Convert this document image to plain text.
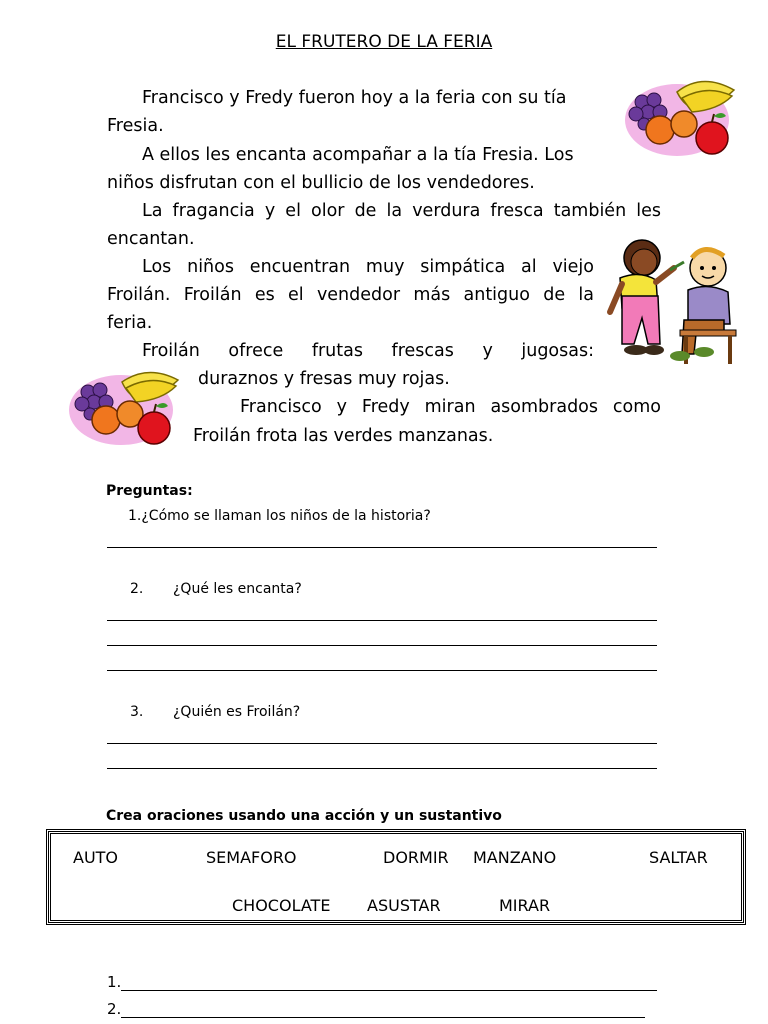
EL FRUTERO DE LA FERIA
Francisco y Fredy fueron hoy a la feria con su tía
Fresia.
A ellos les encanta acompañar a la tía Fresia. Los
niños disfrutan con el bullicio de los vendedores.
La fragancia y el olor de la verdura fresca también les
encantan.
Los niños encuentran muy simpática al viejo
Froilán. Froilán es el vendedor más antiguo de la
feria.
Froilán ofrece frutas frescas y jugosas:
duraznos y fresas muy rojas.
Francisco y Fredy miran asombrados como
Froilán frota las verdes manzanas.
Preguntas:
1.¿Cómo se llaman los niños de la historia?
2. ¿Qué les encanta?
3. ¿Quién es Froilán?
Crea oraciones usando una acción y un sustantivo
AUTO	SEMAFORO	DORMIR MANZANO	SALTAR
CHOCOLATE ASUSTAR	MIRAR
1.
2.
